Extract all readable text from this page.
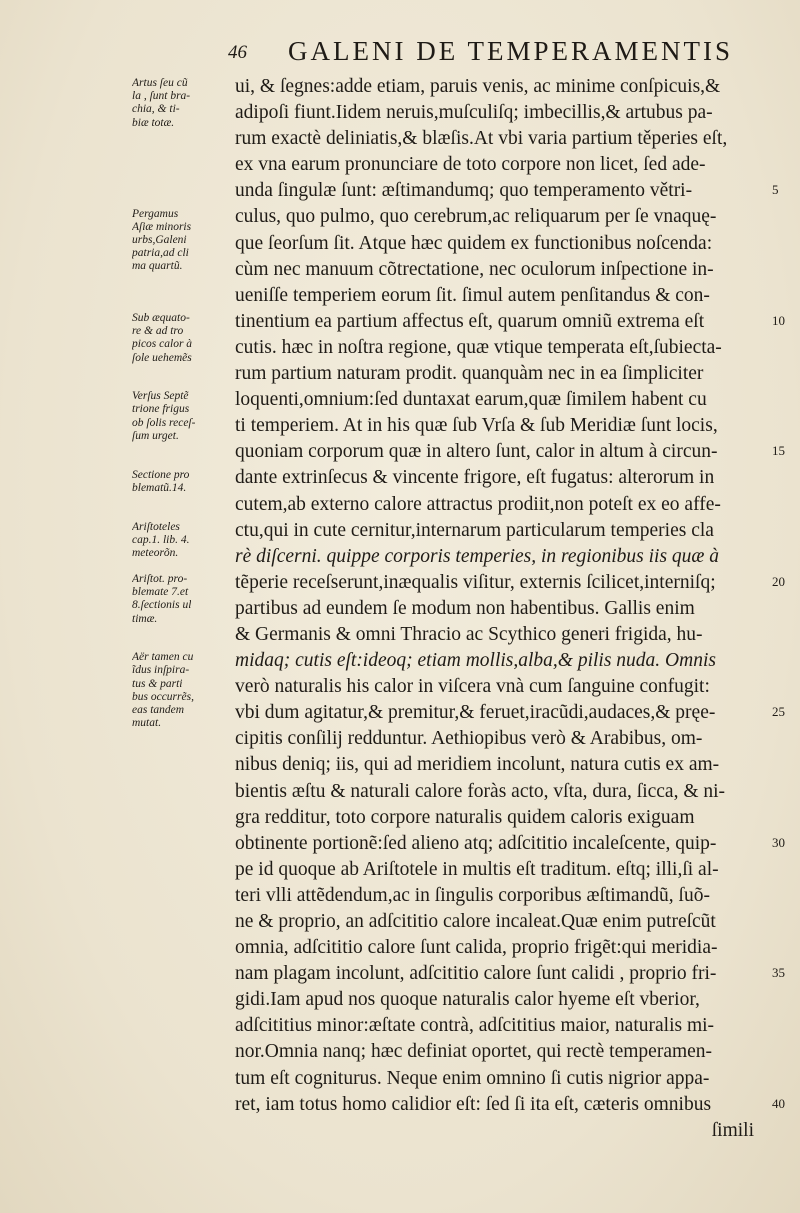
46 GALENI DE TEMPERAMENTIS
Artus ſeu cũ
la , ſunt bra-
chia, & ti-
biæ totæ.
Pergamus
Aſiæ minoris
urbs,Galeni
patria,ad cli
ma quartũ.
Sub æquato-
re & ad tro
picos calor à
ſole uehemẽs
Verſus Septẽ
trione frigus
ob ſolis receſ-
ſum urget.
Sectione pro
blematũ.14.
Ariſtoteles
cap.1. lib. 4.
meteorõn.
Ariſtot. pro-
blemate 7.et
8.ſectionis ul
timæ.
Aër tamen cu
ĩdus inſpira-
tus & parti
bus occurrẽs,
eas tandem
mutat.
ui, & ſegnes:adde etiam, paruis venis, ac minime conſpicuis,&
adipoſi fiunt.Iidem neruis,muſculiſq; imbecillis,& artubus pa-
rum exactè deliniatis,& blæſis.At vbi varia partium těperies eſt,
ex vna earum pronunciare de toto corpore non licet, ſed ade-
unda ſingulæ ſunt: æſtimandumq; quo temperamento větri-
culus, quo pulmo, quo cerebrum,ac reliquarum per ſe vnaquę-
que ſeorſum ſit. Atque hæc quidem ex functionibus noſcenda:
cùm nec manuum cõtrectatione, nec oculorum inſpectione in-
ueniſſe temperiem eorum ſit. ſimul autem penſitandus & con-
tinentium ea partium affectus eſt, quarum omniũ extrema eſt
cutis. hæc in noſtra regione, quæ vtique temperata eſt,ſubiecta-
rum partium naturam prodit. quanquàm nec in ea ſimpliciter
loquenti,omnium:ſed duntaxat earum,quæ ſimilem habent cu
ti temperiem. At in his quæ ſub Vrſa & ſub Meridiæ ſunt locis,
quoniam corporum quæ in altero ſunt, calor in altum à circun-
dante extrinſecus & vincente frigore, eſt fugatus: alterorum in
cutem,ab externo calore attractus prodiit,non poteſt ex eo affe-
ctu,qui in cute cernitur,internarum particularum temperies cla
rè diſcerni. quippe corporis temperies, in regionibus iis quæ à
tẽperie receſserunt,inæqualis viſitur, externis ſcilicet,interniſq;
partibus ad eundem ſe modum non habentibus. Gallis enim
& Germanis & omni Thracio ac Scythico generi frigida, hu-
midaq; cutis eſt:ideoq; etiam mollis,alba,& pilis nuda. Omnis
verò naturalis his calor in viſcera vnà cum ſanguine confugit:
vbi dum agitatur,& premitur,& feruet,iracũdi,audaces,& pręe-
cipitis conſilij redduntur. Aethiopibus verò & Arabibus, om-
nibus deniq; iis, qui ad meridiem incolunt, natura cutis ex am-
bientis æſtu & naturali calore foràs acto, vſta, dura, ſicca, & ni-
gra redditur, toto corpore naturalis quidem caloris exiguam
obtinente portionẽ:ſed alieno atq; adſcititio incaleſcente, quip-
pe id quoque ab Ariſtotele in multis eſt traditum. eſtq; illi,ſi al-
teri vlli attẽdendum,ac in ſingulis corporibus æſtimandũ, ſuõ-
ne & proprio, an adſcititio calore incaleat.Quæ enim putreſcũt
omnia, adſcititio calore ſunt calida, proprio frigẽt:qui meridia-
nam plagam incolunt, adſcititio calore ſunt calidi , proprio fri-
gidi.Iam apud nos quoque naturalis calor hyeme eſt vberior,
adſcititius minor:æſtate contrà, adſcititius maior, naturalis mi-
nor.Omnia nanq; hæc definiat oportet, qui rectè temperamen-
tum eſt cogniturus. Neque enim omnino ſi cutis nigrior appa-
ret, iam totus homo calidior eſt: ſed ſi ita eſt, cæteris omnibus
ſimili
5
10
15
20
25
30
35
40
